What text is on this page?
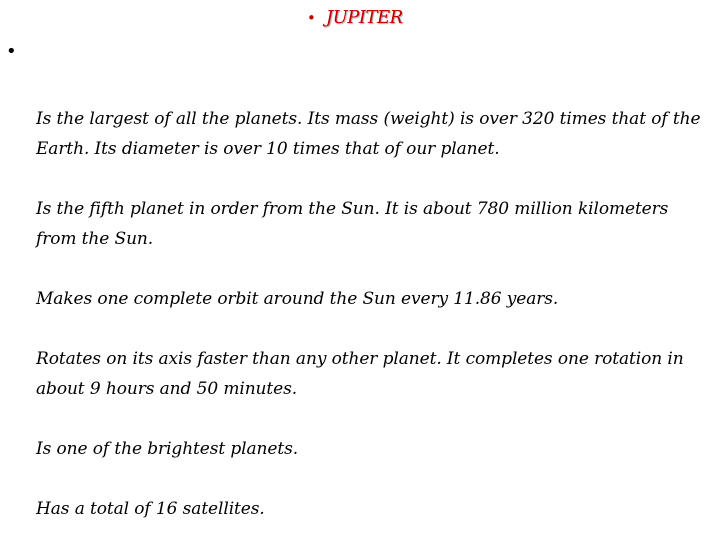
• JUPITER
•

Is the largest of all the planets. Its mass (weight) is over 320 times that of the Earth. Its diameter is over 10 times that of our planet.

Is the fifth planet in order from the Sun. It is about 780 million kilometers from the Sun.

Makes one complete orbit around the Sun every 11.86 years.

Rotates on its axis faster than any other planet. It completes one rotation in about 9 hours and 50 minutes.

Is one of the brightest planets.

Has a total of 16 satellites.
